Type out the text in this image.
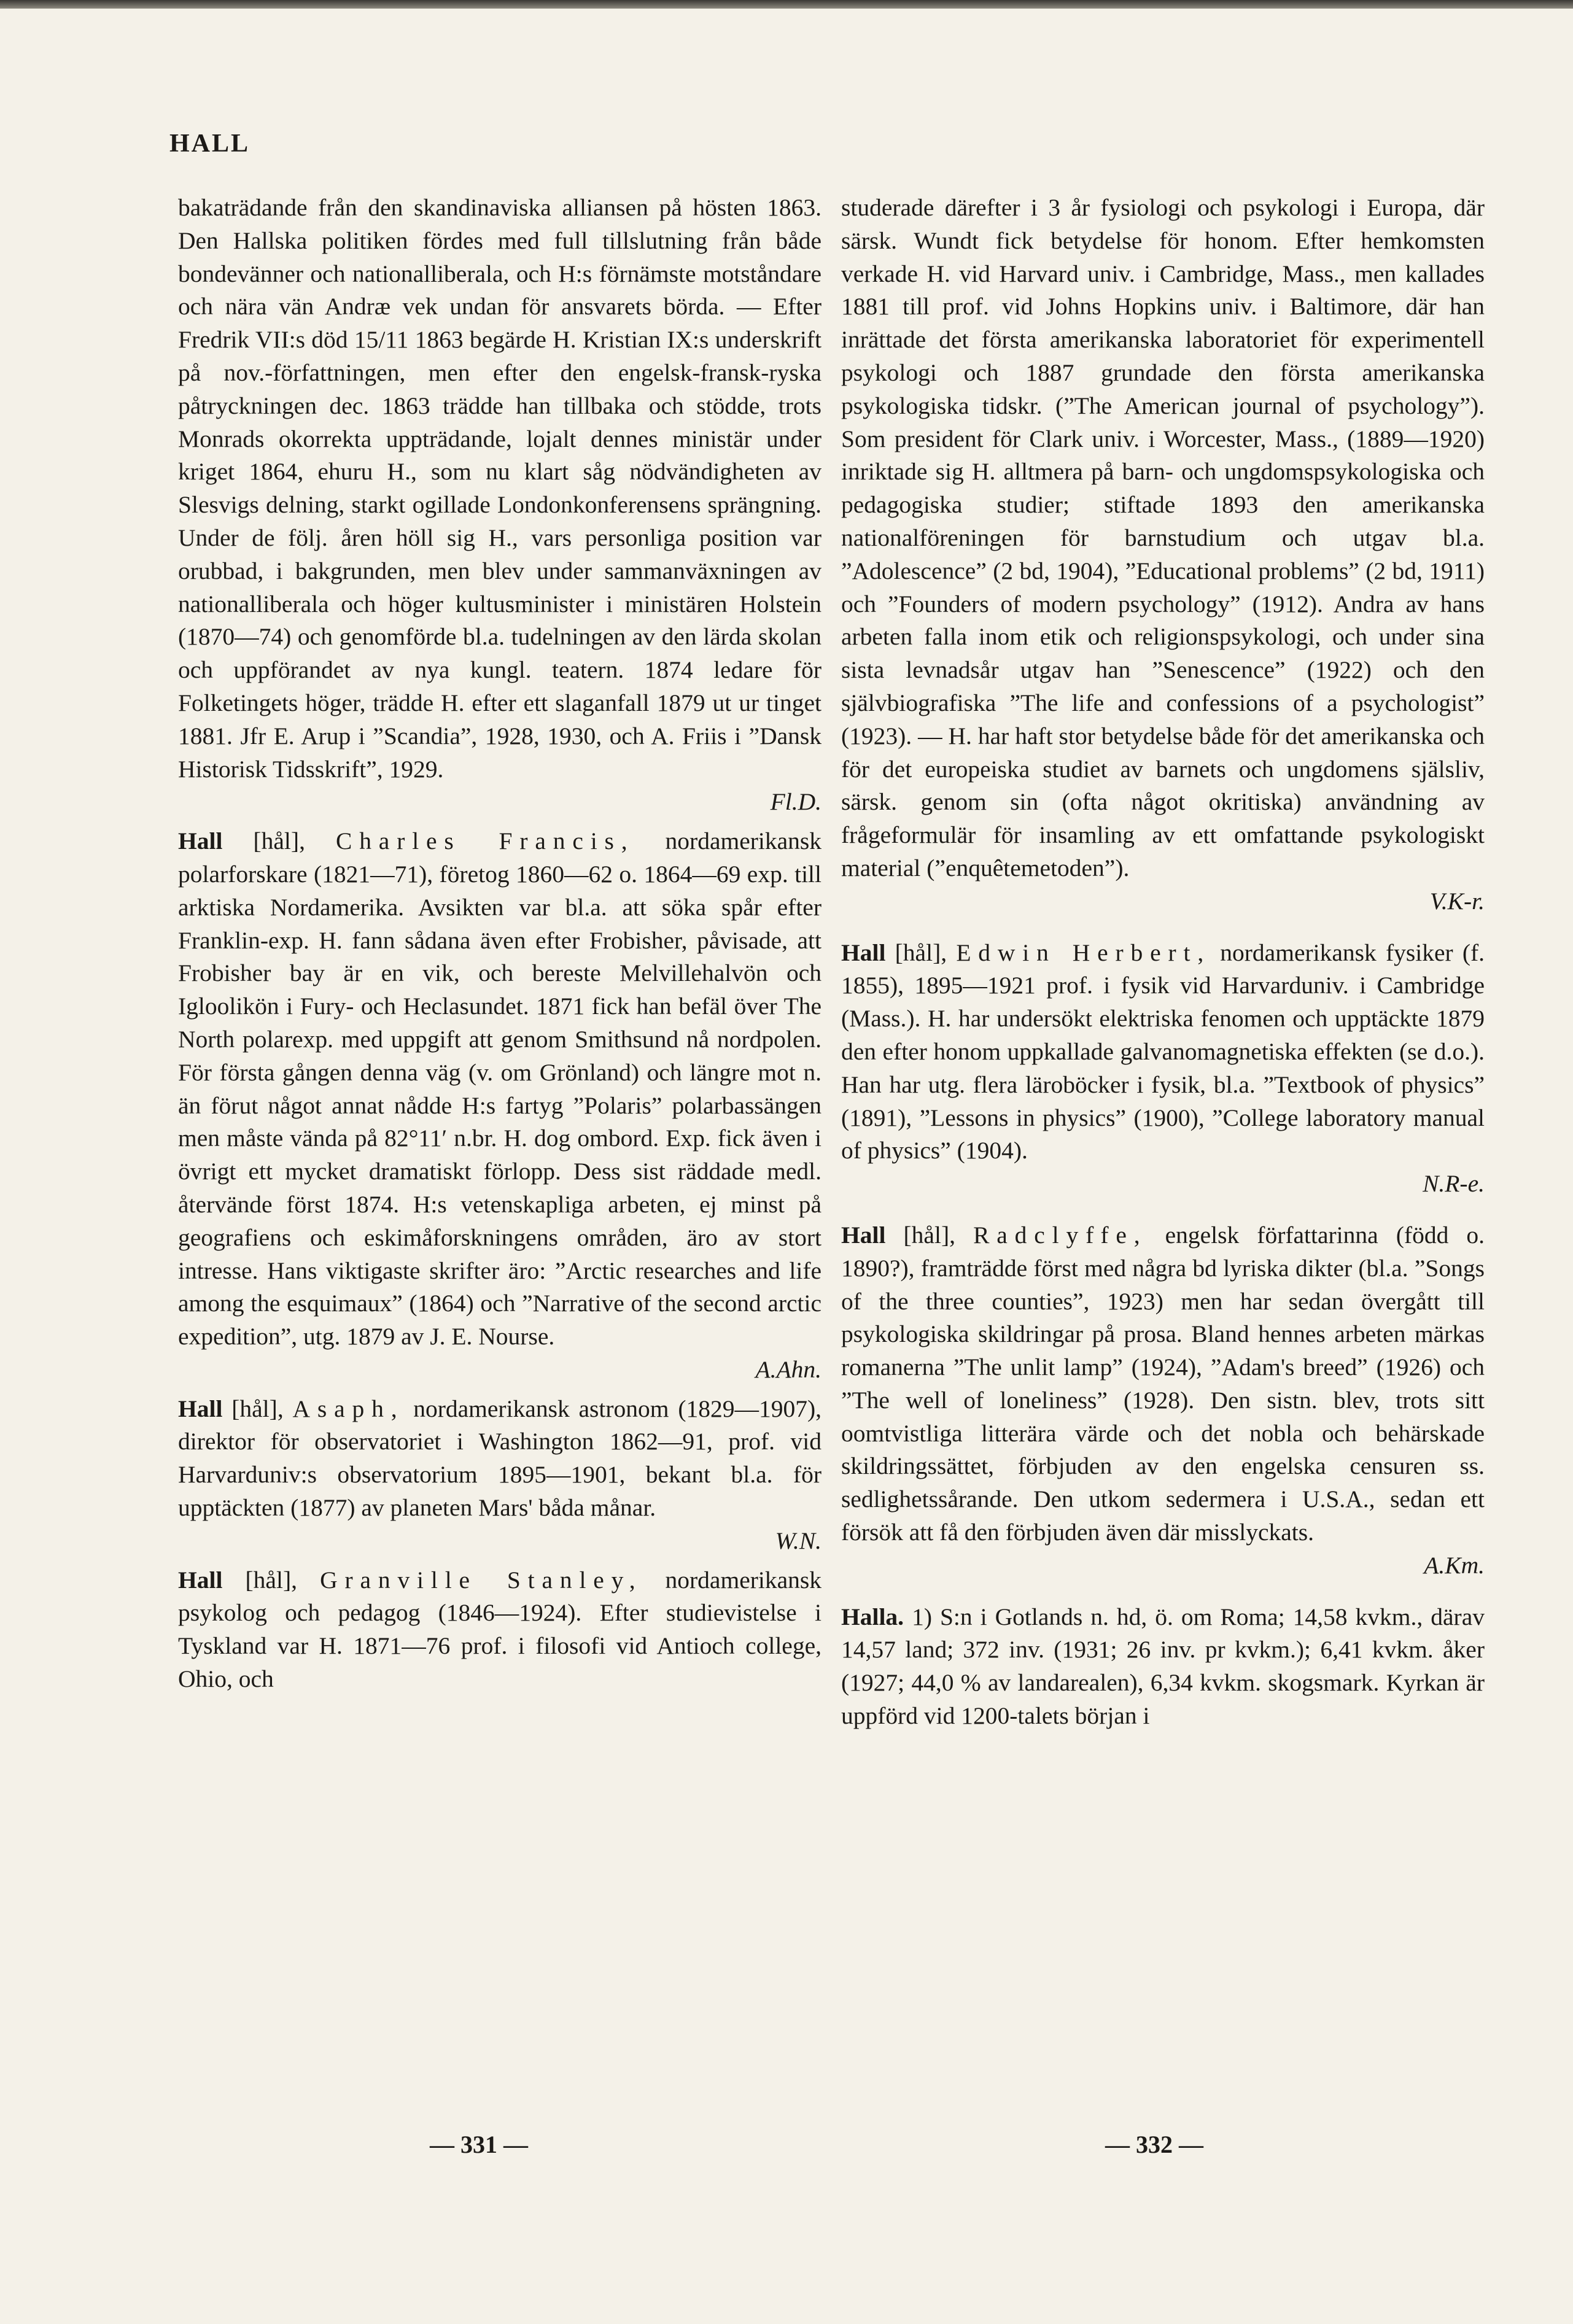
HALL

bakaträdande från den skandinaviska alliansen på hösten 1863. Den Hallska politiken fördes med full tillslutning från både bondevänner och nationalliberala, och H:s förnämste motståndare och nära vän Andræ vek undan för ansvarets börda. — Efter Fredrik VII:s död 15/11 1863 begärde H. Kristian IX:s underskrift på nov.-författningen, men efter den engelsk-fransk-ryska påtryckningen dec. 1863 trädde han tillbaka och stödde, trots Monrads okorrekta uppträdande, lojalt dennes ministär under kriget 1864, ehuru H., som nu klart såg nödvändigheten av Slesvigs delning, starkt ogillade Londonkonferensens sprängning. Under de följ. åren höll sig H., vars personliga position var orubbad, i bakgrunden, men blev under sammanväxningen av nationalliberala och höger kultusminister i ministären Holstein (1870—74) och genomförde bl.a. tudelningen av den lärda skolan och uppförandet av nya kungl. teatern. 1874 ledare för Folketingets höger, trädde H. efter ett slaganfall 1879 ut ur tinget 1881. Jfr E. Arup i ”Scandia”, 1928, 1930, och A. Friis i ”Dansk Historisk Tidsskrift”, 1929.
Fl.D.

Hall [hål], Charles Francis, nordamerikansk polarforskare (1821—71), företog 1860—62 o. 1864—69 exp. till arktiska Nordamerika. Avsikten var bl.a. att söka spår efter Franklin-exp. H. fann sådana även efter Frobisher, påvisade, att Frobisher bay är en vik, och bereste Melvillehalvön och Igloolikön i Fury- och Heclasundet. 1871 fick han befäl över The North polarexp. med uppgift att genom Smithsund nå nordpolen. För första gången denna väg (v. om Grönland) och längre mot n. än förut något annat nådde H:s fartyg ”Polaris” polarbassängen men måste vända på 82°11′ n.br. H. dog ombord. Exp. fick även i övrigt ett mycket dramatiskt förlopp. Dess sist räddade medl. återvände först 1874. H:s vetenskapliga arbeten, ej minst på geografiens och eskimåforskningens områden, äro av stort intresse. Hans viktigaste skrifter äro: ”Arctic researches and life among the esquimaux” (1864) och ”Narrative of the second arctic expedition”, utg. 1879 av J. E. Nourse.
A.Ahn.

Hall [hål], Asaph, nordamerikansk astronom (1829—1907), direktor för observatoriet i Washington 1862—91, prof. vid Harvarduniv:s observatorium 1895—1901, bekant bl.a. för upptäckten (1877) av planeten Mars' båda månar.
W.N.

Hall [hål], Granville Stanley, nordamerikansk psykolog och pedagog (1846—1924). Efter studievistelse i Tyskland var H. 1871—76 prof. i filosofi vid Antioch college, Ohio, och

studerade därefter i 3 år fysiologi och psykologi i Europa, där särsk. Wundt fick betydelse för honom. Efter hemkomsten verkade H. vid Harvard univ. i Cambridge, Mass., men kallades 1881 till prof. vid Johns Hopkins univ. i Baltimore, där han inrättade det första amerikanska laboratoriet för experimentell psykologi och 1887 grundade den första amerikanska psykologiska tidskr. (”The American journal of psychology”). Som president för Clark univ. i Worcester, Mass., (1889—1920) inriktade sig H. alltmera på barn- och ungdomspsykologiska och pedagogiska studier; stiftade 1893 den amerikanska nationalföreningen för barnstudium och utgav bl.a. ”Adolescence” (2 bd, 1904), ”Educational problems” (2 bd, 1911) och ”Founders of modern psychology” (1912). Andra av hans arbeten falla inom etik och religionspsykologi, och under sina sista levnadsår utgav han ”Senescence” (1922) och den självbiografiska ”The life and confessions of a psychologist” (1923). — H. har haft stor betydelse både för det amerikanska och för det europeiska studiet av barnets och ungdomens själsliv, särsk. genom sin (ofta något okritiska) användning av frågeformulär för insamling av ett omfattande psykologiskt material (”enquêtemetoden”).
V.K-r.

Hall [hål], Edwin Herbert, nordamerikansk fysiker (f. 1855), 1895—1921 prof. i fysik vid Harvarduniv. i Cambridge (Mass.). H. har undersökt elektriska fenomen och upptäckte 1879 den efter honom uppkallade galvanomagnetiska effekten (se d.o.). Han har utg. flera läroböcker i fysik, bl.a. ”Textbook of physics” (1891), ”Lessons in physics” (1900), ”College laboratory manual of physics” (1904).
N.R-e.

Hall [hål], Radclyffe, engelsk författarinna (född o. 1890?), framträdde först med några bd lyriska dikter (bl.a. ”Songs of the three counties”, 1923) men har sedan övergått till psykologiska skildringar på prosa. Bland hennes arbeten märkas romanerna ”The unlit lamp” (1924), ”Adam's breed” (1926) och ”The well of loneliness” (1928). Den sistn. blev, trots sitt oomtvistliga litterära värde och det nobla och behärskade skildringssättet, förbjuden av den engelska censuren ss. sedlighetssårande. Den utkom sedermera i U.S.A., sedan ett försök att få den förbjuden även där misslyckats.
A.Km.

Halla. 1) S:n i Gotlands n. hd, ö. om Roma; 14,58 kvkm., därav 14,57 land; 372 inv. (1931; 26 inv. pr kvkm.); 6,41 kvkm. åker (1927; 44,0 % av landarealen), 6,34 kvkm. skogsmark. Kyrkan är uppförd vid 1200-talets början i

— 331 —	— 332 —
